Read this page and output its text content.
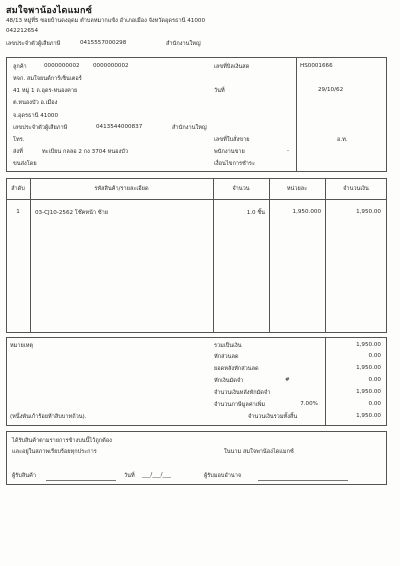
สมใจพาน้องไดแมกซ์
48/13 หมู่ที่5 ซอยบ้านดงอุดม ตำบลหมากแข้ง อำเภอเมือง จังหวัดอุดรธานี 41000
042212654
เลขประจำตัวผู้เสียภาษี	0415557000298	สำนักงานใหญ่
ลูกค้า	0000000002 0000000002
หจก. สมใจยนต์การ์เซ็นเตอร์
41 หมู่ 1 ถ.อุดร-หนองคาย
ต.หนองบัว อ.เมือง
จ.อุดรธานี 41000
เลขประจำตัวผู้เสียภาษี	0413544000837	สำนักงานใหญ่
โทร.
ส่งที่	ทะเบียน กลลอ 2 กง 3704 หนองบัว
ขนส่งโดย
เลขที่บิลเงินสด	HS0001666
วันที่	29/10/62
เลขที่ใบสั่งขาย	อ.ท.
พนักงานขาย	-
เงื่อนไขการชำระ
ลำดับ	รหัสสินค้า/รายละเอียด	จำนวน	หน่วยละ	จำนวนเงิน
1	03-CJ10-2562 โช๊คหน้า ซ้าย	1.0 ชิ้น	1,950.000	1,950.00
หมายเหตุ
(หนึ่งพันเก้าร้อยห้าสิบบาทถ้วน).
รวมเป็นเงิน	1,950.00
หักส่วนลด	0.00
ยอดหลังหักส่วนลด	1,950.00
หักเงินมัดจำ	#	0.00
จำนวนเงินหลังหักมัดจำ	1,950.00
จำนวนภาษีมูลค่าเพิ่ม	7.00%	0.00
จำนวนเงินรวมทั้งสิ้น	1,950.00
ได้รับสินค้าตามรายการข้างบนนี้ไว้ถูกต้อง
และอยู่ในสภาพเรียบร้อยทุกประการ	ในนาม สมใจพาน้องไดแมกซ์
ผู้รับสินค้า	วันที่ ___/___/___	ผู้รับมอบอำนาจ
